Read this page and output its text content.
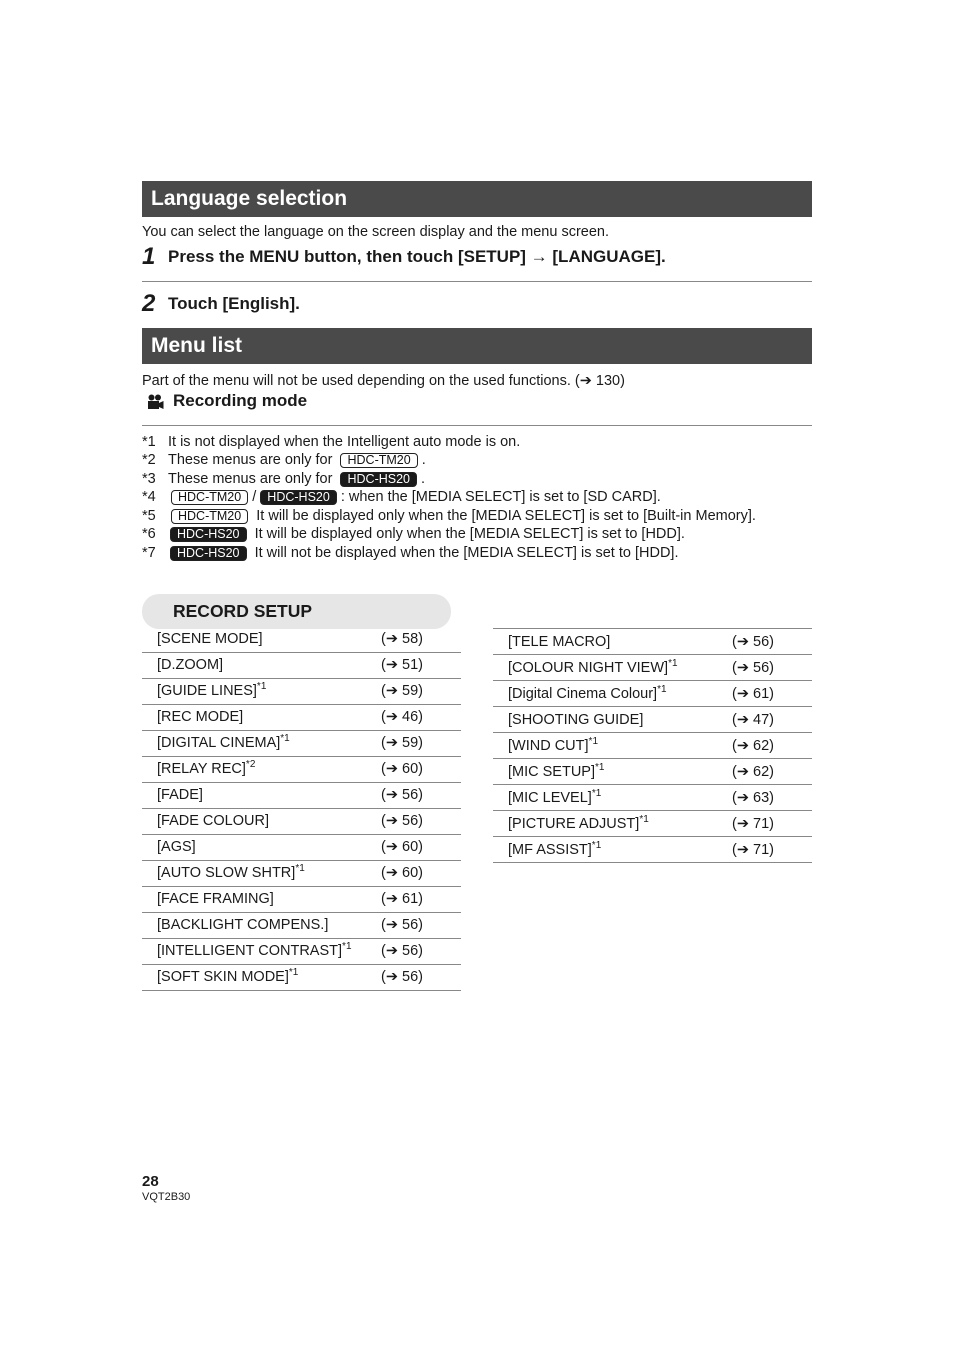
Language selection
You can select the language on the screen display and the menu screen.
1 Press the MENU button, then touch [SETUP] → [LANGUAGE].
2 Touch [English].
Menu list
Part of the menu will not be used depending on the used functions. (➔ 130)
Recording mode
*1 It is not displayed when the Intelligent auto mode is on.
*2 These menus are only for HDC-TM20 .
*3 These menus are only for HDC-HS20 .
*4	HDC-TM20 / HDC-HS20 : when the [MEDIA SELECT] is set to [SD CARD].
*5	HDC-TM20 It will be displayed only when the [MEDIA SELECT] is set to [Built-in Memory].
*6	HDC-HS20 It will be displayed only when the [MEDIA SELECT] is set to [HDD].
*7	HDC-HS20 It will not be displayed when the [MEDIA SELECT] is set to [HDD].
RECORD SETUP
[SCENE MODE]	(➔ 58)
[D.ZOOM]	(➔ 51)
[GUIDE LINES]$^{*1}$	(➔ 59)
[REC MODE]	(➔ 46)
[DIGITAL CINEMA]$^{*1}$	(➔ 59)
[RELAY REC]$^{*2}$	(➔ 60)
[FADE]	(➔ 56)
[FADE COLOUR]	(➔ 56)
[AGS]	(➔ 60)
[AUTO SLOW SHTR]$^{*1}$	(➔ 60)
[FACE FRAMING]	(➔ 61)
[BACKLIGHT COMPENS.]	(➔ 56)
[INTELLIGENT CONTRAST]$^{*1}$	(➔ 56)
[SOFT SKIN MODE]$^{*1}$	(➔ 56)
[TELE MACRO]	(➔ 56)
[COLOUR NIGHT VIEW]$^{*1}$	(➔ 56)
[Digital Cinema Colour]$^{*1}$	(➔ 61)
[SHOOTING GUIDE]	(➔ 47)
[WIND CUT]$^{*1}$	(➔ 62)
[MIC SETUP]$^{*1}$	(➔ 62)
[MIC LEVEL]$^{*1}$	(➔ 63)
[PICTURE ADJUST]$^{*1}$	(➔ 71)
[MF ASSIST]$^{*1}$	(➔ 71)
28
VQT2B30
